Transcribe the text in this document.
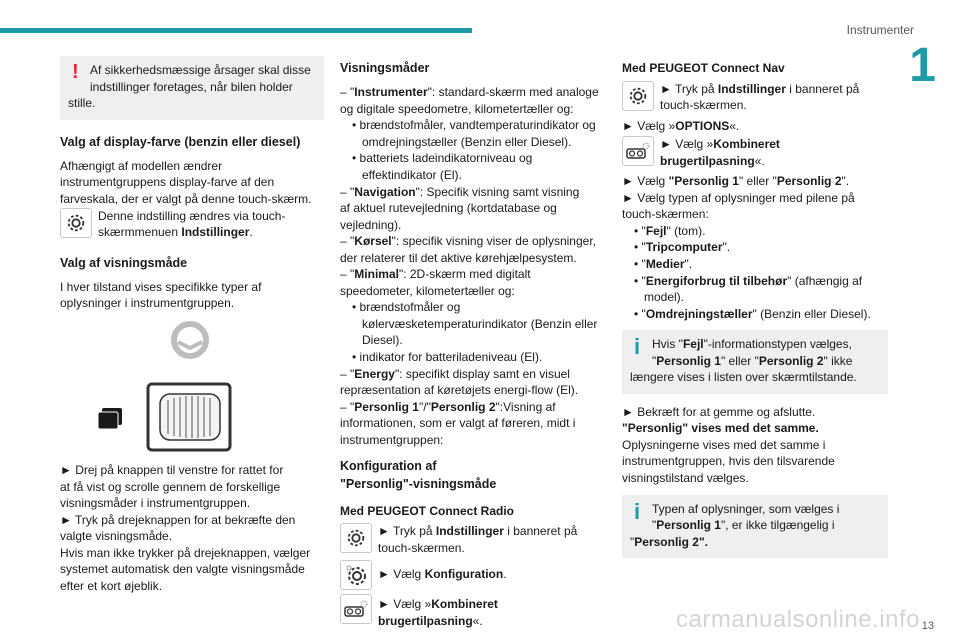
Instrumenter
1
! Af sikkerhedsmæssige årsager skal disse
indstillinger foretages, når bilen holder
stille.
Valg af display-farve (benzin eller diesel)
Afhængigt af modellen ændrer
instrumentgruppens display-farve af den
farveskala, der er valgt på denne touch-skærm.
Denne indstilling ændres via touch-
skærmmenuen Indstillinger.
Valg af visningsmåde
I hver tilstand vises specifikke typer af
oplysninger i instrumentgruppen.
► Drej på knappen til venstre for rattet for
at få vist og scrolle gennem de forskellige
visningsmåder i instrumentgruppen.
► Tryk på drejeknappen for at bekræfte den
valgte visningsmåde.
Hvis man ikke trykker på drejeknappen, vælger
systemet automatisk den valgte visningsmåde
efter et kort øjeblik.
Visningsmåder
– "Instrumenter": standard-skærm med analoge
og digitale speedometre, kilometertæller og:
• brændstofmåler, vandtemperaturindikator og
omdrejningstæller (Benzin eller Diesel).
• batteriets ladeindikatorniveau og
effektindikator (El).
– "Navigation": Specifik visning samt visning
af aktuel rutevejledning (kortdatabase og
vejledning).
– "Kørsel": specifik visning viser de oplysninger,
der relaterer til det aktive kørehjælpesystem.
– "Minimal": 2D-skærm med digitalt
speedometer, kilometertæller og:
• brændstofmåler og
kølervæsketemperaturindikator (Benzin eller
Diesel).
• indikator for batteriladeniveau (El).
– "Energy": specifikt display samt en visuel
repræsentation af køretøjets energi-flow (El).
– "Personlig 1"/"Personlig 2":Visning af
informationen, som er valgt af føreren, midt i
instrumentgruppen:
Konfiguration af
"Personlig"-visningsmåde
Med PEUGEOT Connect Radio
► Tryk på Indstillinger i banneret på
touch-skærmen.
► Vælg Konfiguration.
► Vælg »Kombineret
brugertilpasning«.
Med PEUGEOT Connect Nav
► Tryk på Indstillinger i banneret på
touch-skærmen.
► Vælg »OPTIONS«.
► Vælg »Kombineret
brugertilpasning«.
► Vælg "Personlig 1" eller "Personlig 2".
► Vælg typen af oplysninger med pilene på
touch-skærmen:
• "Fejl" (tom).
• "Tripcomputer".
• "Medier".
• "Energiforbrug til tilbehør" (afhængig af
model).
• "Omdrejningstæller" (Benzin eller Diesel).
i Hvis "Fejl"-informationstypen vælges,
"Personlig 1" eller "Personlig 2" ikke
længere vises i listen over skærmtilstande.
► Bekræft for at gemme og afslutte.
"Personlig" vises med det samme.
Oplysningerne vises med det samme i
instrumentgruppen, hvis den tilsvarende
visningstilstand vælges.
i Typen af oplysninger, som vælges i
"Personlig 1", er ikke tilgængelig i
"Personlig 2".
carmanualsonline.info 13
